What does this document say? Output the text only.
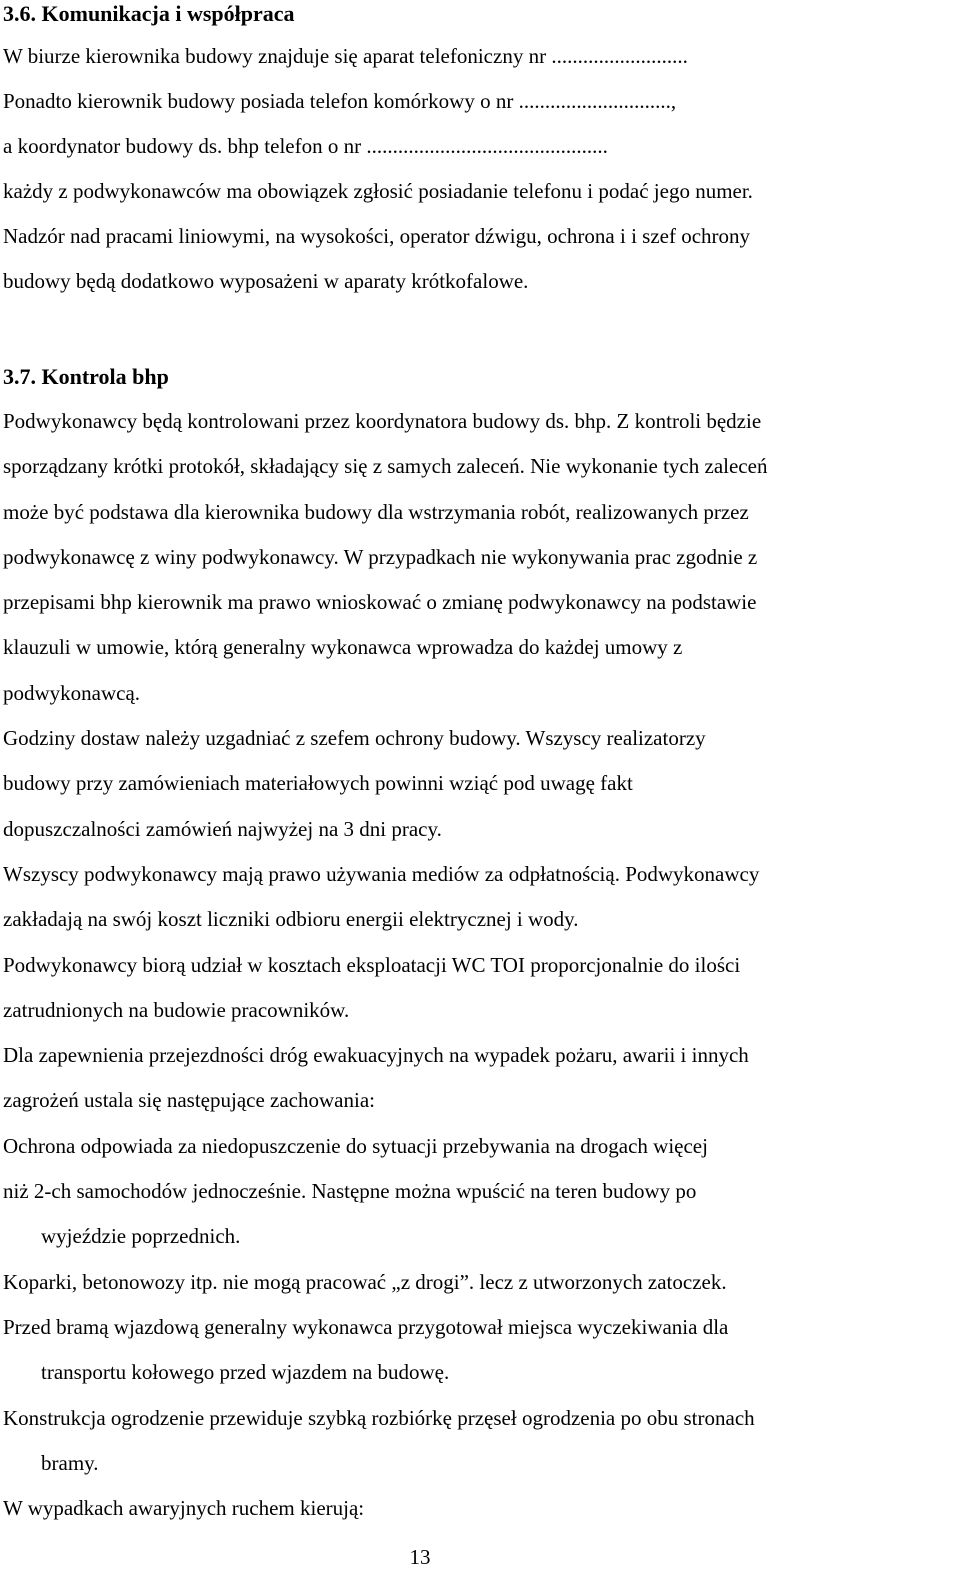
3.6. Komunikacja i współpraca

W biurze kierownika budowy znajduje się aparat telefoniczny nr ..........................

Ponadto kierownik budowy posiada telefon komórkowy o nr .............................,

a koordynator budowy ds. bhp telefon o nr ..............................................

każdy z podwykonawców ma obowiązek zgłosić posiadanie telefonu i podać jego numer.

Nadzór nad pracami liniowymi, na wysokości, operator dźwigu, ochrona i i szef ochrony

budowy będą dodatkowo wyposażeni w aparaty krótkofalowe.

3.7. Kontrola bhp

Podwykonawcy będą kontrolowani przez koordynatora budowy ds. bhp. Z kontroli będzie

sporządzany krótki protokół, składający się z samych zaleceń. Nie wykonanie tych zaleceń

może być podstawa dla kierownika budowy dla wstrzymania robót, realizowanych przez

podwykonawcę z winy podwykonawcy. W przypadkach nie wykonywania prac zgodnie z

przepisami bhp kierownik ma prawo wnioskować o zmianę podwykonawcy na podstawie

klauzuli w umowie, którą generalny wykonawca wprowadza do każdej umowy z

podwykonawcą.

Godziny dostaw należy uzgadniać z szefem ochrony budowy. Wszyscy realizatorzy

budowy przy zamówieniach materiałowych powinni wziąć pod uwagę fakt

dopuszczalności zamówień najwyżej na 3 dni pracy.

Wszyscy podwykonawcy mają prawo używania mediów za odpłatnością. Podwykonawcy

zakładają na swój koszt liczniki odbioru energii elektrycznej i wody.

Podwykonawcy biorą udział w kosztach eksploatacji WC TOI proporcjonalnie do ilości

zatrudnionych na budowie pracowników.

Dla zapewnienia przejezdności dróg ewakuacyjnych na wypadek pożaru, awarii i innych

zagrożeń ustala się następujące zachowania:

Ochrona odpowiada za niedopuszczenie do sytuacji przebywania na drogach więcej

niż 2-ch samochodów jednocześnie. Następne można wpuścić na teren budowy po

wyjeździe poprzednich.

Koparki, betonowozy itp. nie mogą pracować „z drogi”. lecz z utworzonych zatoczek.

Przed bramą wjazdową generalny wykonawca przygotował miejsca wyczekiwania dla

transportu kołowego przed wjazdem na budowę.

Konstrukcja ogrodzenie przewiduje szybką rozbiórkę przęseł ogrodzenia po obu stronach

bramy.

W wypadkach awaryjnych ruchem kierują:

13
